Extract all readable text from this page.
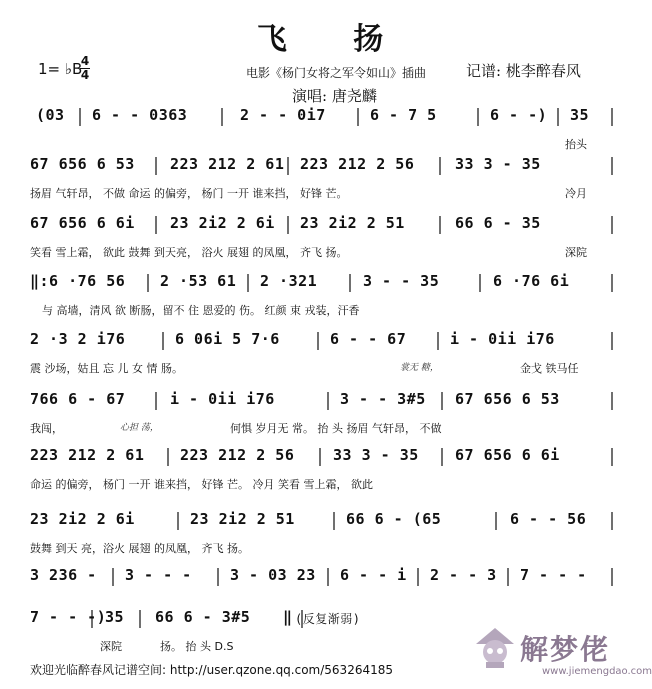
飞 扬
1= ♭B
4
4	电影《杨门女将之军令如山》插曲	记谱: 桃李醉春风
演唱: 唐尧麟
(03 6 - - 0363	2 - - 0i7	6 - 7 5	6 - -) 35
抬头
67 656 6 53 223 212 2 61 223 212 2 56	33 3 - 35
扬眉 气轩昂， 不做 命运 的偏旁， 杨门 一开 谁来挡， 好锋 芒。	冷月
67 656 6 6i 23 2i2 2 6i 23 2i2 2 51	66 6 - 35
笑看 雪上霜， 欲此 鼓舞 到天亮， 浴火 展翅 的凤凰， 齐飞 扬。	深院
‖:6 ·76 56 2 ·53 61 2 ·321	3 - - 35	6 ·76 6i
与 高墙，清风 欲 断肠，留不 住 恩爱的 伤。 红颜 束 戎装，汗香
2 ·3 2 i76	6 06i 5 7·6	6 - - 67	i - 0ii i76
震 沙场，姑且 忘 儿 女 情 肠。	裳无 糖，	金戈 铁马任
766 6 - 67	i - 0ii i76	3 - - 3#5 67 656 6 53
我闯，	心担 荡，	何惧 岁月无 常。 抬 头 扬眉 气轩昂， 不做
223 212 2 61 223 212 2 56	33 3 - 35 67 656 6 6i
命运 的偏旁， 杨门 一开 谁来挡， 好锋 芒。 冷月 笑看 雪上霜， 欲此
23 2i2 2 6i	23 2i2 2 51	66 6 - (65	6 - - 56
鼓舞 到天 亮，浴火 展翅 的凤凰， 齐飞 扬。
3 236 - 3 - - -	3 - 03 23 6 - - i 2 - - 3 7 - - -
7 - - -)
35 66 6 - 3#5 ‖
深院	扬。 抬 头 D.S
(反复渐弱)
欢迎光临醉春风记谱空间: http://user.qzone.qq.com/563264185
解梦佬
www.jiemengdao.com
